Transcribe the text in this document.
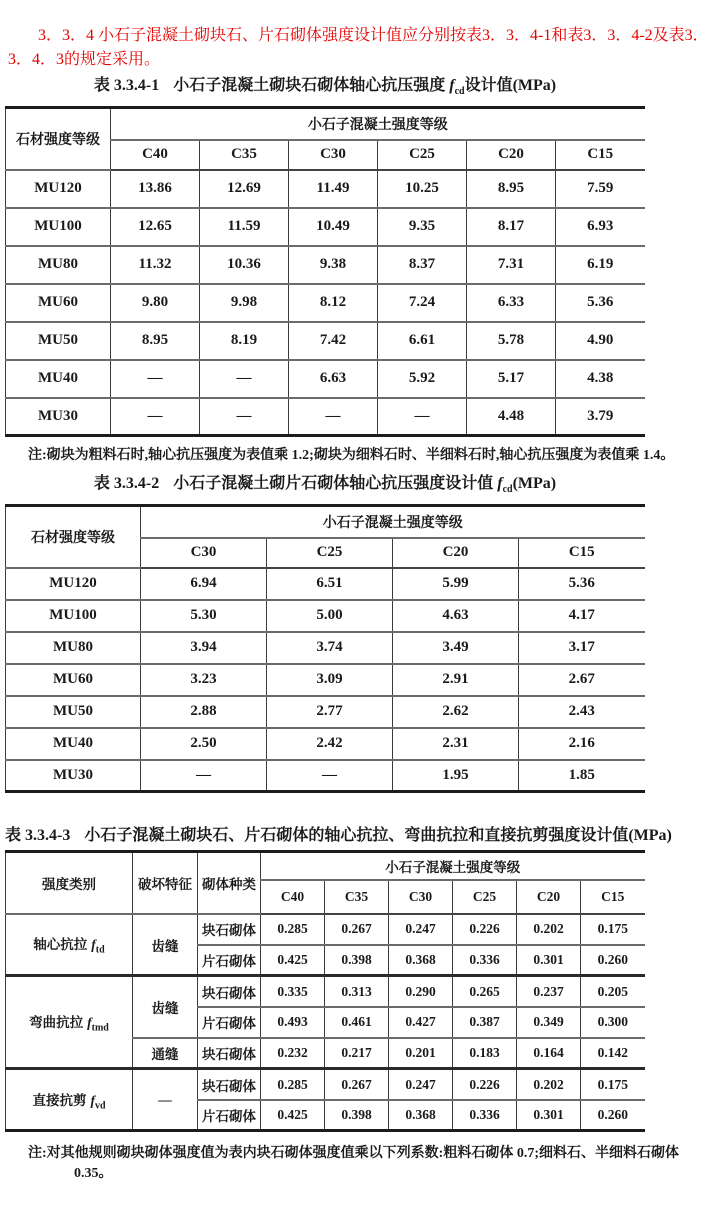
3．3．4 小石子混凝土砌块石、片石砌体强度设计值应分别按表3．3．4-1和表3．3．4-2及表3．3．4．3的规定采用。

表 3.3.4-1 小石子混凝土砌块石砌体轴心抗压强度 $f_{cd}$设计值(MPa)
石材强度等级	小石子混凝土强度等级					
	C40	C35	C30	C25	C20	C15
MU120	13.86	12.69	11.49	10.25	8.95	7.59
MU100	12.65	11.59	10.49	9.35	8.17	6.93
MU80	11.32	10.36	9.38	8.37	7.31	6.19
MU60	9.80	9.98	8.12	7.24	6.33	5.36
MU50	8.95	8.19	7.42	6.61	5.78	4.90
MU40	—	—	6.63	5.92	5.17	4.38
MU30	—	—	—	—	4.48	3.79
注:砌块为粗料石时,轴心抗压强度为表值乘 1.2;砌块为细料石时、半细料石时,轴心抗压强度为表值乘 1.4。
表 3.3.4-2 小石子混凝土砌片石砌体轴心抗压强度设计值 $f_{cd}(MPa)$
石材强度等级	小石子混凝土强度等级			
	C30	C25	C20	C15
MU120	6.94	6.51	5.99	5.36
MU100	5.30	5.00	4.63	4.17
MU80	3.94	3.74	3.49	3.17
MU60	3.23	3.09	2.91	2.67
MU50	2.88	2.77	2.62	2.43
MU40	2.50	2.42	2.31	2.16
MU30	—	—	1.95	1.85
表 3.3.4-3 小石子混凝土砌块石、片石砌体的轴心抗拉、弯曲抗拉和直接抗剪强度设计值(MPa)
强度类别	破坏特征	砌体种类	小石子混凝土强度等级					
			C40	C35	C30	C25	C20	C15
轴心抗拉 $f_{td}$	齿缝	块石砌体	0.285	0.267	0.247	0.226	0.202	0.175
		片石砌体	0.425	0.398	0.368	0.336	0.301	0.260
弯曲抗拉 $f_{tmd}$	齿缝	块石砌体	0.335	0.313	0.290	0.265	0.237	0.205
		片石砌体	0.493	0.461	0.427	0.387	0.349	0.300
	通缝	块石砌体	0.232	0.217	0.201	0.183	0.164	0.142
直接抗剪 $f_{vd}$	—	块石砌体	0.285	0.267	0.247	0.226	0.202	0.175
		片石砌体	0.425	0.398	0.368	0.336	0.301	0.260
注:对其他规则砌块砌体强度值为表内块石砌体强度值乘以下列系数:粗料石砌体 0.7;细料石、半细料石砌体
0.35。
